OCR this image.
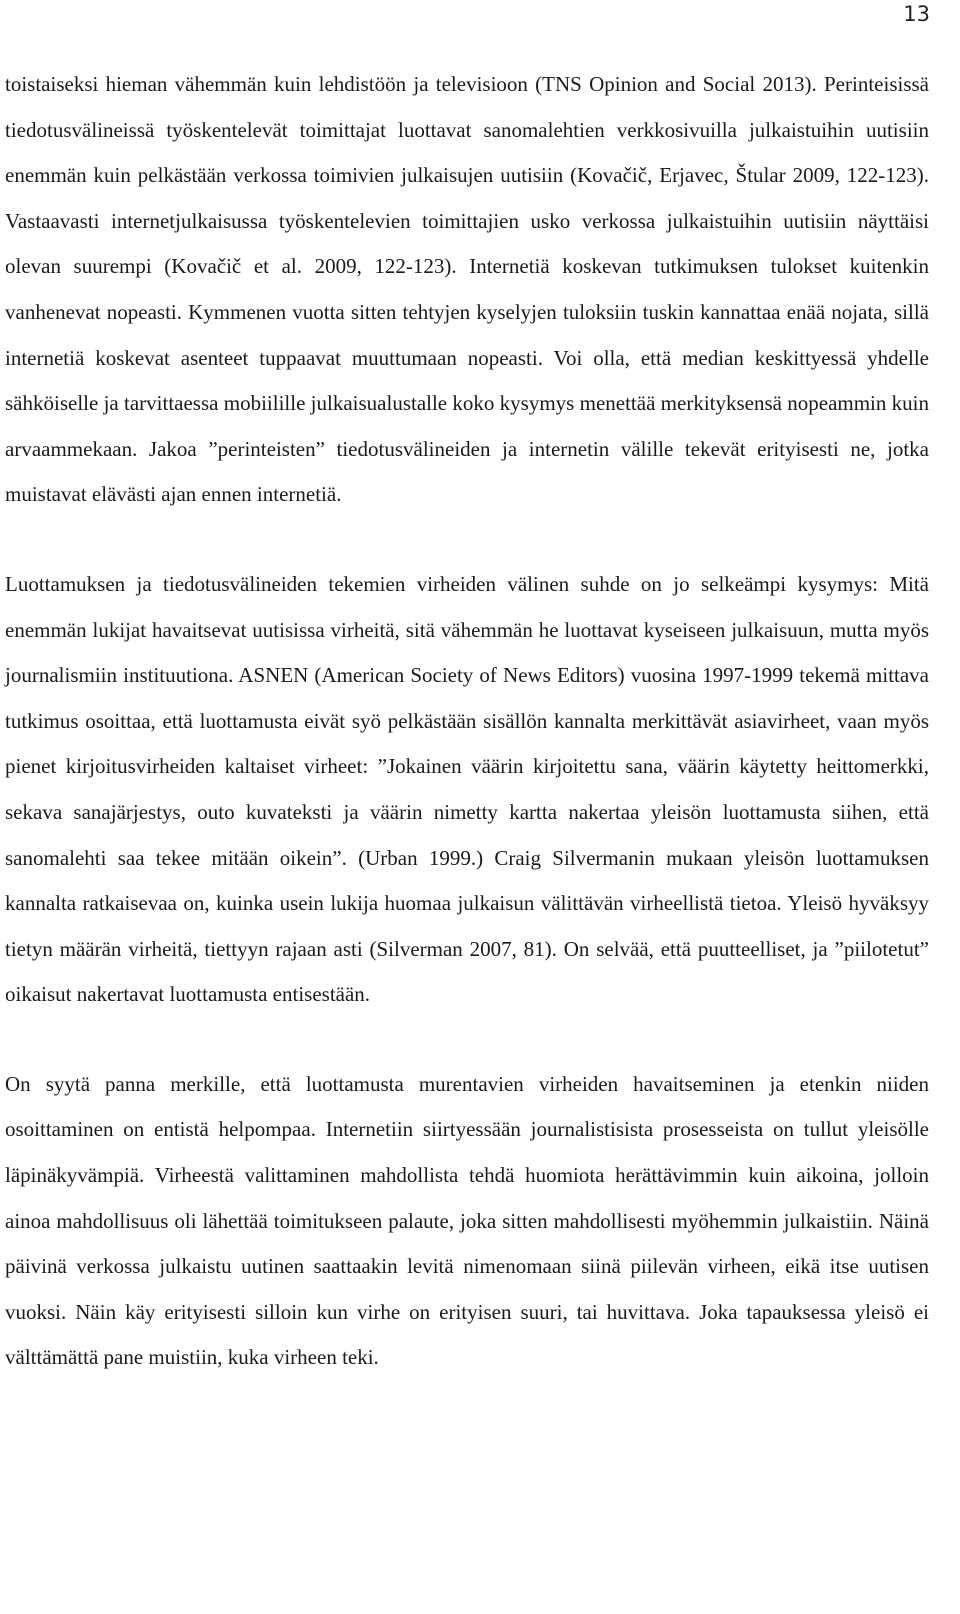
13

toistaiseksi hieman vähemmän kuin lehdistöön ja televisioon (TNS Opinion and Social 2013). Perinteisissä tiedotusvälineissä työskentelevät toimittajat luottavat sanomalehtien verkkosivuilla julkaistuihin uutisiin enemmän kuin pelkästään verkossa toimivien julkaisujen uutisiin (Kovačič, Erjavec, Štular 2009, 122-123). Vastaavasti internetjulkaisussa työskentelevien toimittajien usko verkossa julkaistuihin uutisiin näyttäisi olevan suurempi (Kovačič et al. 2009, 122-123). Internetiä koskevan tutkimuksen tulokset kuitenkin vanhenevat nopeasti. Kymmenen vuotta sitten tehtyjen kyselyjen tuloksiin tuskin kannattaa enää nojata, sillä internetiä koskevat asenteet tuppaavat muuttumaan nopeasti. Voi olla, että median keskittyessä yhdelle sähköiselle ja tarvittaessa mobiilille julkaisualustalle koko kysymys menettää merkityksensä nopeammin kuin arvaammekaan. Jakoa ”perinteisten” tiedotusvälineiden ja internetin välille tekevät erityisesti ne, jotka muistavat elävästi ajan ennen internetiä.

Luottamuksen ja tiedotusvälineiden tekemien virheiden välinen suhde on jo selkeämpi kysymys: Mitä enemmän lukijat havaitsevat uutisissa virheitä, sitä vähemmän he luottavat kyseiseen julkaisuun, mutta myös journalismiin instituutiona. ASNEN (American Society of News Editors) vuosina 1997-1999 tekemä mittava tutkimus osoittaa, että luottamusta eivät syö pelkästään sisällön kannalta merkittävät asiavirheet, vaan myös pienet kirjoitusvirheiden kaltaiset virheet: ”Jokainen väärin kirjoitettu sana, väärin käytetty heittomerkki, sekava sanajärjestys, outo kuvateksti ja väärin nimetty kartta nakertaa yleisön luottamusta siihen, että sanomalehti saa tekee mitään oikein”. (Urban 1999.) Craig Silvermanin mukaan yleisön luottamuksen kannalta ratkaisevaa on, kuinka usein lukija huomaa julkaisun välittävän virheellistä tietoa. Yleisö hyväksyy tietyn määrän virheitä, tiettyyn rajaan asti (Silverman 2007, 81). On selvää, että puutteelliset, ja ”piilotetut” oikaisut nakertavat luottamusta entisestään.

On syytä panna merkille, että luottamusta murentavien virheiden havaitseminen ja etenkin niiden osoittaminen on entistä helpompaa. Internetiin siirtyessään journalistisista prosesseista on tullut yleisölle läpinäkyvämpiä. Virheestä valittaminen mahdollista tehdä huomiota herättävimmin kuin aikoina, jolloin ainoa mahdollisuus oli lähettää toimitukseen palaute, joka sitten mahdollisesti myöhemmin julkaistiin. Näinä päivinä verkossa julkaistu uutinen saattaakin levitä nimenomaan siinä piilevän virheen, eikä itse uutisen vuoksi. Näin käy erityisesti silloin kun virhe on erityisen suuri, tai huvittava. Joka tapauksessa yleisö ei välttämättä pane muistiin, kuka virheen teki.
